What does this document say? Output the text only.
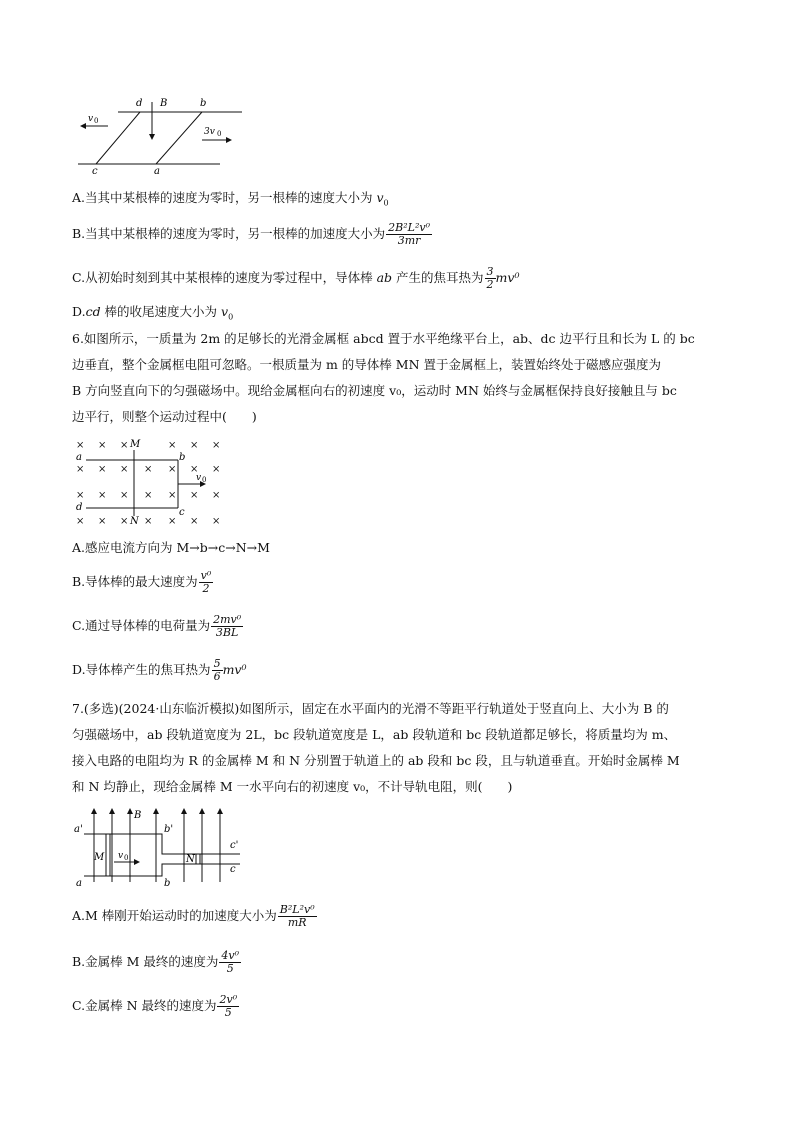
d B	b
v 0
3v 0
c	a
A.当其中某根棒的速度为零时，另一根棒的速度大小为 $v_0$
B.当其中某根棒的速度为零时，另一根棒的加速度大小为 $\frac{\text{2B²L²v⁰}}{3mr}$
C.从初始时刻到其中某根棒的速度为零过程中，导体棒 ab 产生的焦耳热为 $\frac{3}{2} mv^0$
D.cd 棒的收尾速度大小为 $v_0$
6.如图所示，一质量为 2m 的足够长的光滑金属框 abcd 置于水平绝缘平台上，ab、dc 边平行且和长为 L 的 bc
边垂直，整个金属框电阻可忽略。一根质量为 m 的导体棒 MN 置于金属框上，装置始终处于磁感应强度为
B 方向竖直向下的匀强磁场中。现给金属框向右的初速度 v₀，运动时 MN 始终与金属框保持良好接触且与 bc
边平行，则整个运动过程中(　　)
× × ×	× × ×
× × × × × × ×
× × × × × × ×
× × × × × × ×
M
N
a	b
c
d
v 0
A.感应电流方向为 M→b→c→N→M
B.导体棒的最大速度为 $\frac{\text{v⁰}}{2}$
C.通过导体棒的电荷量为 $\frac{\text{2mv⁰}}{3BL}$
D.导体棒产生的焦耳热为 $\frac{5}{6} mv^0$
7.(多选)(2024·山东临沂模拟)如图所示，固定在水平面内的光滑不等距平行轨道处于竖直向上、大小为 B 的
匀强磁场中，ab 段轨道宽度为 2L，bc 段轨道宽度是 L，ab 段轨道和 bc 段轨道都足够长，将质量均为 m、
接入电路的电阻均为 R 的金属棒 M 和 N 分别置于轨道上的 ab 段和 bc 段，且与轨道垂直。开始时金属棒 M
和 N 均静止，现给金属棒 M 一水平向右的初速度 v₀，不计导轨电阻，则(　　)
a'
B
b'
c'
M v 0	N
a	b
c
A.M 棒刚开始运动时的加速度大小为 $\frac{\text{B²L²v⁰}}{mR}$
B.金属棒 M 最终的速度为 $\frac{\text{4v⁰}}{5}$
C.金属棒 N 最终的速度为 $\frac{\text{2v⁰}}{5}$
